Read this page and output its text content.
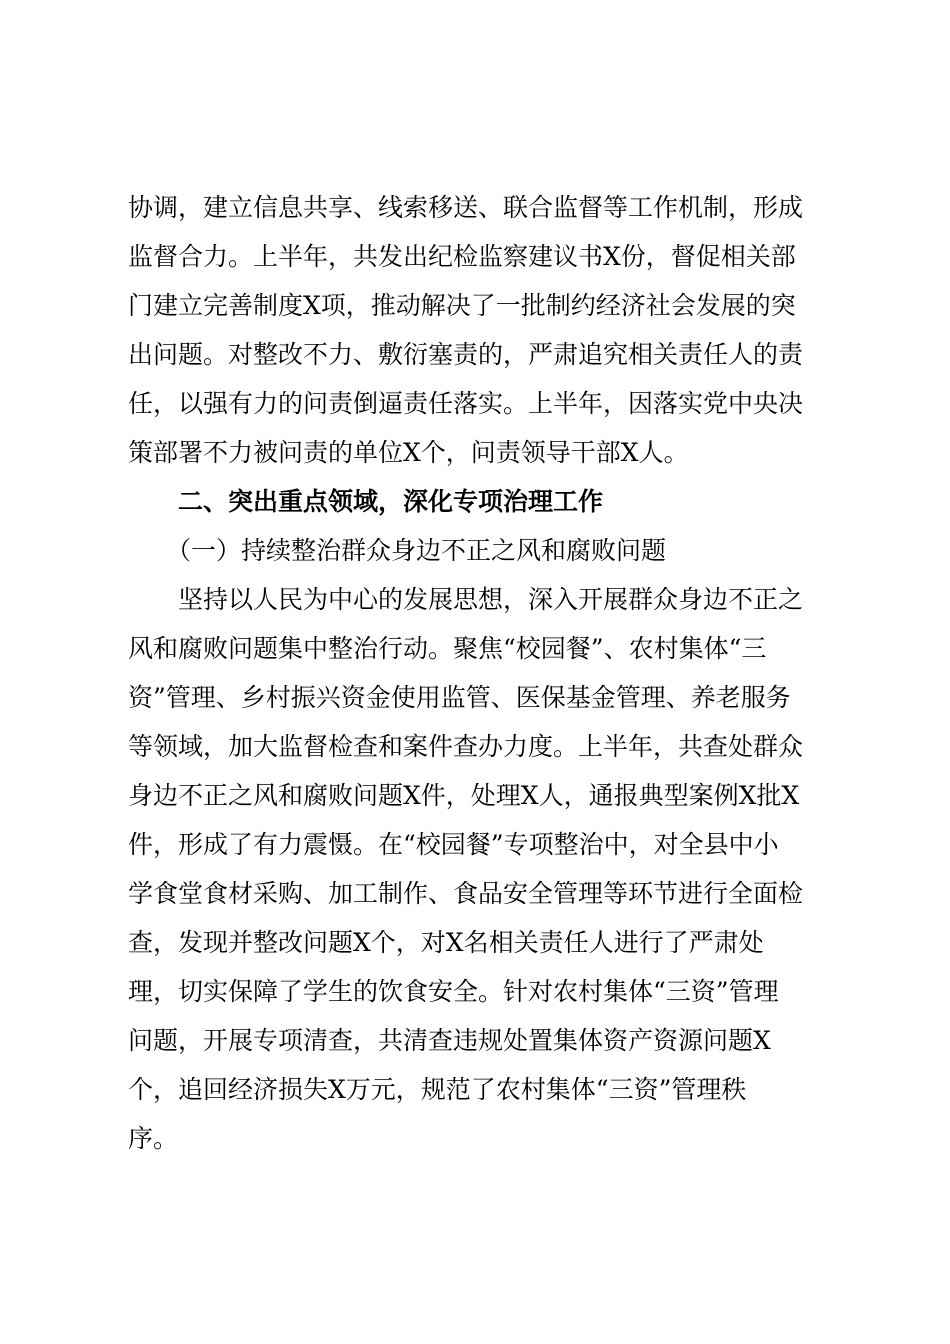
协调，建立信息共享、线索移送、联合监督等工作机制，形成
监督合力。上半年，共发出纪检监察建议书X份，督促相关部
门建立完善制度X项，推动解决了一批制约经济社会发展的突
出问题。对整改不力、敷衍塞责的，严肃追究相关责任人的责
任，以强有力的问责倒逼责任落实。上半年，因落实党中央决
策部署不力被问责的单位X个，问责领导干部X人。
二、突出重点领域，深化专项治理工作
（一）持续整治群众身边不正之风和腐败问题
坚持以人民为中心的发展思想，深入开展群众身边不正之
风和腐败问题集中整治行动。聚焦“校园餐”、农村集体“三
资”管理、乡村振兴资金使用监管、医保基金管理、养老服务
等领域，加大监督检查和案件查办力度。上半年，共查处群众
身边不正之风和腐败问题X件，处理X人，通报典型案例X批X
件，形成了有力震慑。在“校园餐”专项整治中，对全县中小
学食堂食材采购、加工制作、食品安全管理等环节进行全面检
查，发现并整改问题X个，对X名相关责任人进行了严肃处
理，切实保障了学生的饮食安全。针对农村集体“三资”管理
问题，开展专项清查，共清查违规处置集体资产资源问题X
个，追回经济损失X万元，规范了农村集体“三资”管理秩
序。
